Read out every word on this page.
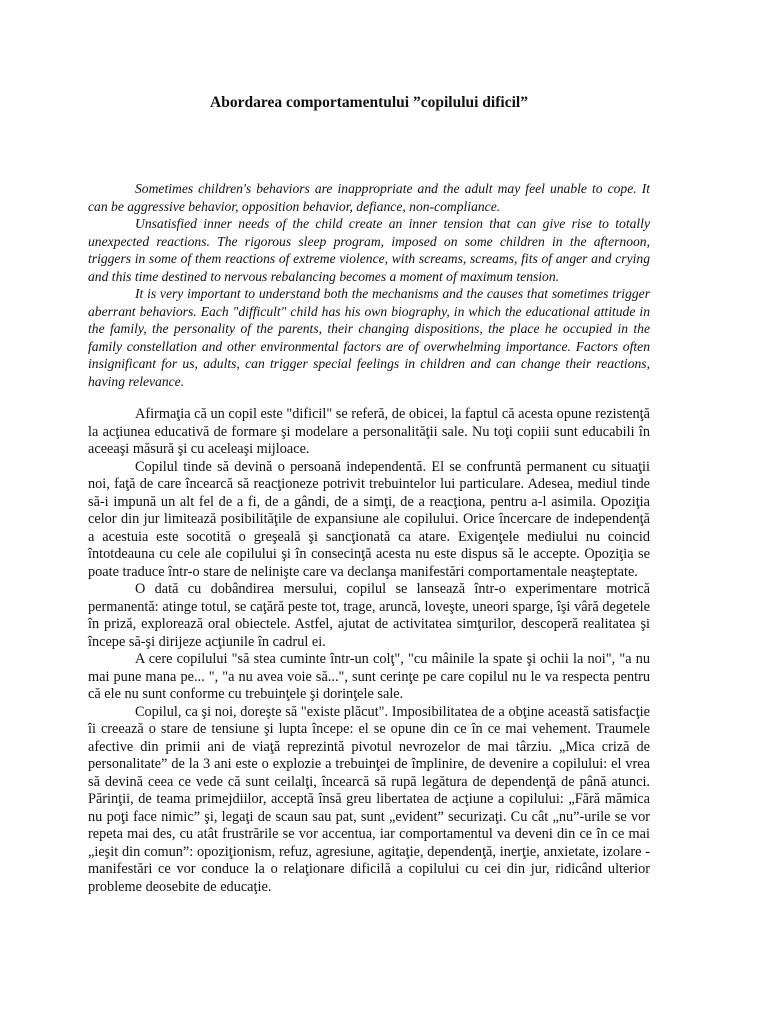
Abordarea comportamentului ”copilului dificil”

Sometimes children's behaviors are inappropriate and the adult may feel unable to cope. It can be aggressive behavior, opposition behavior, defiance, non-compliance.

Unsatisfied inner needs of the child create an inner tension that can give rise to totally unexpected reactions. The rigorous sleep program, imposed on some children in the afternoon, triggers in some of them reactions of extreme violence, with screams, screams, fits of anger and crying and this time destined to nervous rebalancing becomes a moment of maximum tension.

It is very important to understand both the mechanisms and the causes that sometimes trigger aberrant behaviors. Each "difficult" child has his own biography, in which the educational attitude in the family, the personality of the parents, their changing dispositions, the place he occupied in the family constellation and other environmental factors are of overwhelming importance. Factors often insignificant for us, adults, can trigger special feelings in children and can change their reactions, having relevance.

Afirmaţia că un copil este "dificil" se referă, de obicei, la faptul că acesta opune rezistenţă la acţiunea educativă de formare şi modelare a personalităţii sale. Nu toţi copiii sunt educabili în aceeaşi măsură şi cu aceleaşi mijloace.

Copilul tinde să devină o persoană independentă. El se confruntă permanent cu situaţii noi, faţă de care încearcă să reacţioneze potrivit trebuintelor lui particulare. Adesea, mediul tinde să-i impună un alt fel de a fi, de a gândi, de a simţi, de a reacţiona, pentru a-l asimila. Opoziţia celor din jur limitează posibilităţile de expansiune ale copilului. Orice încercare de independenţă a acestuia este socotită o greşeală şi sancţionată ca atare. Exigenţele mediului nu coincid întotdeauna cu cele ale copilului şi în consecinţă acesta nu este dispus să le accepte. Opoziţia se poate traduce într-o stare de nelinişte care va declanşa manifestări comportamentale neaşteptate.

O dată cu dobândirea mersului, copilul se lansează într-o experimentare motrică permanentă: atinge totul, se caţără peste tot, trage, aruncă, loveşte, uneori sparge, îşi vâră degetele în priză, explorează oral obiectele. Astfel, ajutat de activitatea simţurilor, descoperă realitatea şi începe să-şi dirijeze acţiunile în cadrul ei.

A cere copilului "să stea cuminte într-un colţ", "cu mâinile la spate şi ochii la noi", "a nu mai pune mana pe... ", "a nu avea voie să...", sunt cerinţe pe care copilul nu le va respecta pentru că ele nu sunt conforme cu trebuinţele şi dorinţele sale.

Copilul, ca şi noi, doreşte să "existe plăcut". Imposibilitatea de a obţine această satisfacţie îi creează o stare de tensiune şi lupta începe: el se opune din ce în ce mai vehement. Traumele afective din primii ani de viaţă reprezintă pivotul nevrozelor de mai târziu. „Mica criză de personalitate” de la 3 ani este o explozie a trebuinţei de împlinire, de devenire a copilului: el vrea să devină ceea ce vede că sunt ceilalţi, încearcă să rupă legătura de dependenţă de până atunci. Părinţii, de teama primejdiilor, acceptă însă greu libertatea de acţiune a copilului: „Fără mămica nu poţi face nimic” şi, legaţi de scaun sau pat, sunt „evident” securizaţi. Cu cât „nu”-urile se vor repeta mai des, cu atât frustrările se vor accentua, iar comportamentul va deveni din ce în ce mai „ieşit din comun”: opoziţionism, refuz, agresiune, agitaţie, dependenţă, inerţie, anxietate, izolare - manifestări ce vor conduce la o relaţionare dificilă a copilului cu cei din jur, ridicând ulterior probleme deosebite de educaţie.
